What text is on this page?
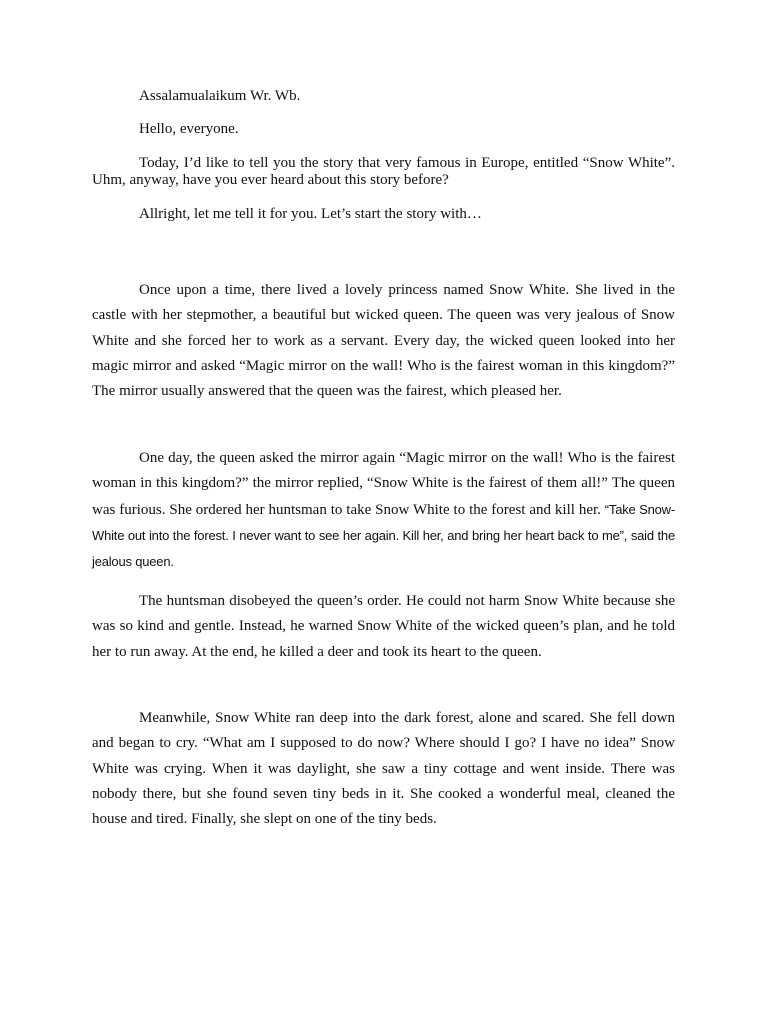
Assalamualaikum Wr. Wb.

Hello, everyone.

Today, I’d like to tell you the story that very famous in Europe, entitled “Snow White”. Uhm, anyway, have you ever heard about this story before?

Allright, let me tell it for you. Let’s start the story with…

Once upon a time, there lived a lovely princess named Snow White. She lived in the castle with her stepmother, a beautiful but wicked queen. The queen was very jealous of Snow White and she forced her to work as a servant. Every day, the wicked queen looked into her magic mirror and asked “Magic mirror on the wall! Who is the fairest woman in this kingdom?” The mirror usually answered that the queen was the fairest, which pleased her.

One day, the queen asked the mirror again “Magic mirror on the wall! Who is the fairest woman in this kingdom?” the mirror replied, “Snow White is the fairest of them all!” The queen was furious. She ordered her huntsman to take Snow White to the forest and kill her. “Take Snow-White out into the forest. I never want to see her again. Kill her, and bring her heart back to me”, said the jealous queen.

The huntsman disobeyed the queen’s order. He could not harm Snow White because she was so kind and gentle. Instead, he warned Snow White of the wicked queen’s plan, and he told her to run away. At the end, he killed a deer and took its heart to the queen.

Meanwhile, Snow White ran deep into the dark forest, alone and scared. She fell down and began to cry. “What am I supposed to do now? Where should I go? I have no idea” Snow White was crying. When it was daylight, she saw a tiny cottage and went inside. There was nobody there, but she found seven tiny beds in it. She cooked a wonderful meal, cleaned the house and tired. Finally, she slept on one of the tiny beds.
